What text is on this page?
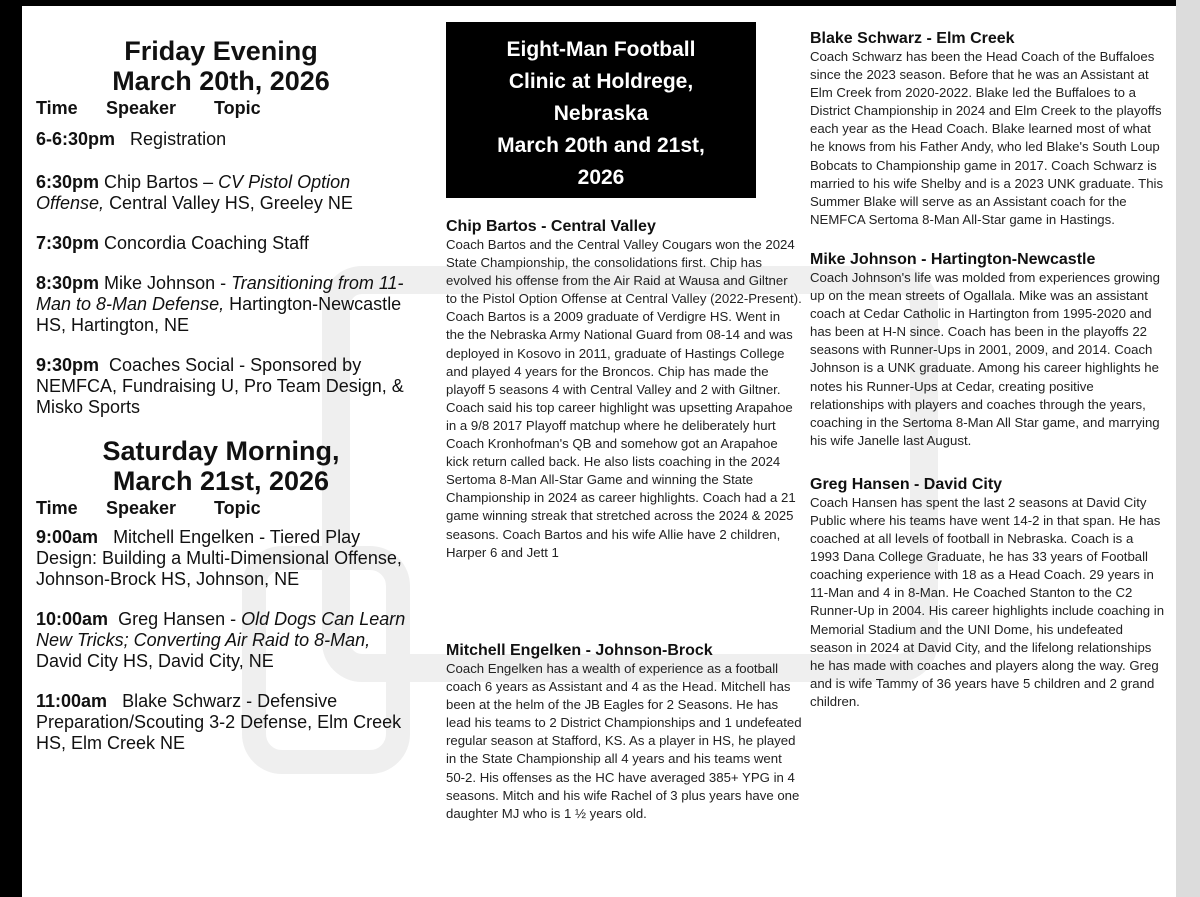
Friday Evening
March 20th, 2026
Time Speaker Topic

6-6:30pm Registration

6:30pm Chip Bartos – CV Pistol Option Offense, Central Valley HS, Greeley NE

7:30pm Concordia Coaching Staff

8:30pm Mike Johnson - Transitioning from 11-Man to 8-Man Defense, Hartington-Newcastle HS, Hartington, NE

9:30pm Coaches Social - Sponsored by NEMFCA, Fundraising U, Pro Team Design, & Misko Sports

Saturday Morning,
March 21st, 2026
Time Speaker Topic

9:00am Mitchell Engelken - Tiered Play Design: Building a Multi-Dimensional Offense, Johnson-Brock HS, Johnson, NE

10:00am Greg Hansen - Old Dogs Can Learn New Tricks; Converting Air Raid to 8-Man, David City HS, David City, NE

11:00am Blake Schwarz - Defensive Preparation/Scouting 3-2 Defense, Elm Creek HS, Elm Creek NE

Eight-Man Football
Clinic at Holdrege,
Nebraska
March 20th and 21st,
2026

Chip Bartos - Central Valley

Coach Bartos and the Central Valley Cougars won the 2024 State Championship, the consolidations first. Chip has evolved his offense from the Air Raid at Wausa and Giltner to the Pistol Option Offense at Central Valley (2022-Present). Coach Bartos is a 2009 graduate of Verdigre HS. Went in the the Nebraska Army National Guard from 08-14 and was deployed in Kosovo in 2011, graduate of Hastings College and played 4 years for the Broncos. Chip has made the playoff 5 seasons 4 with Central Valley and 2 with Giltner. Coach said his top career highlight was upsetting Arapahoe in a 9/8 2017 Playoff matchup where he deliberately hurt Coach Kronhofman's QB and somehow got an Arapahoe kick return called back. He also lists coaching in the 2024 Sertoma 8-Man All-Star Game and winning the State Championship in 2024 as career highlights. Coach had a 21 game winning streak that stretched across the 2024 & 2025 seasons. Coach Bartos and his wife Allie have 2 children, Harper 6 and Jett 1

Mitchell Engelken - Johnson-Brock

Coach Engelken has a wealth of experience as a football coach 6 years as Assistant and 4 as the Head. Mitchell has been at the helm of the JB Eagles for 2 Seasons. He has lead his teams to 2 District Championships and 1 undefeated regular season at Stafford, KS. As a player in HS, he played in the State Championship all 4 years and his teams went 50-2. His offenses as the HC have averaged 385+ YPG in 4 seasons. Mitch and his wife Rachel of 3 plus years have one daughter MJ who is 1 ½ years old.

Blake Schwarz - Elm Creek

Coach Schwarz has been the Head Coach of the Buffaloes since the 2023 season. Before that he was an Assistant at Elm Creek from 2020-2022. Blake led the Buffaloes to a District Championship in 2024 and Elm Creek to the playoffs each year as the Head Coach. Blake learned most of what he knows from his Father Andy, who led Blake's South Loup Bobcats to Championship game in 2017. Coach Schwarz is married to his wife Shelby and is a 2023 UNK graduate. This Summer Blake will serve as an Assistant coach for the NEMFCA Sertoma 8-Man All-Star game in Hastings.

Mike Johnson - Hartington-Newcastle

Coach Johnson's life was molded from experiences growing up on the mean streets of Ogallala. Mike was an assistant coach at Cedar Catholic in Hartington from 1995-2020 and has been at H-N since. Coach has been in the playoffs 22 seasons with Runner-Ups in 2001, 2009, and 2014. Coach Johnson is a UNK graduate. Among his career highlights he notes his Runner-Ups at Cedar, creating positive relationships with players and coaches through the years, coaching in the Sertoma 8-Man All Star game, and marrying his wife Janelle last August.

Greg Hansen - David City

Coach Hansen has spent the last 2 seasons at David City Public where his teams have went 14-2 in that span. He has coached at all levels of football in Nebraska. Coach is a 1993 Dana College Graduate, he has 33 years of Football coaching experience with 18 as a Head Coach. 29 years in 11-Man and 4 in 8-Man. He Coached Stanton to the C2 Runner-Up in 2004. His career highlights include coaching in Memorial Stadium and the UNI Dome, his undefeated season in 2024 at David City, and the lifelong relationships he has made with coaches and players along the way. Greg and is wife Tammy of 36 years have 5 children and 2 grand children.
